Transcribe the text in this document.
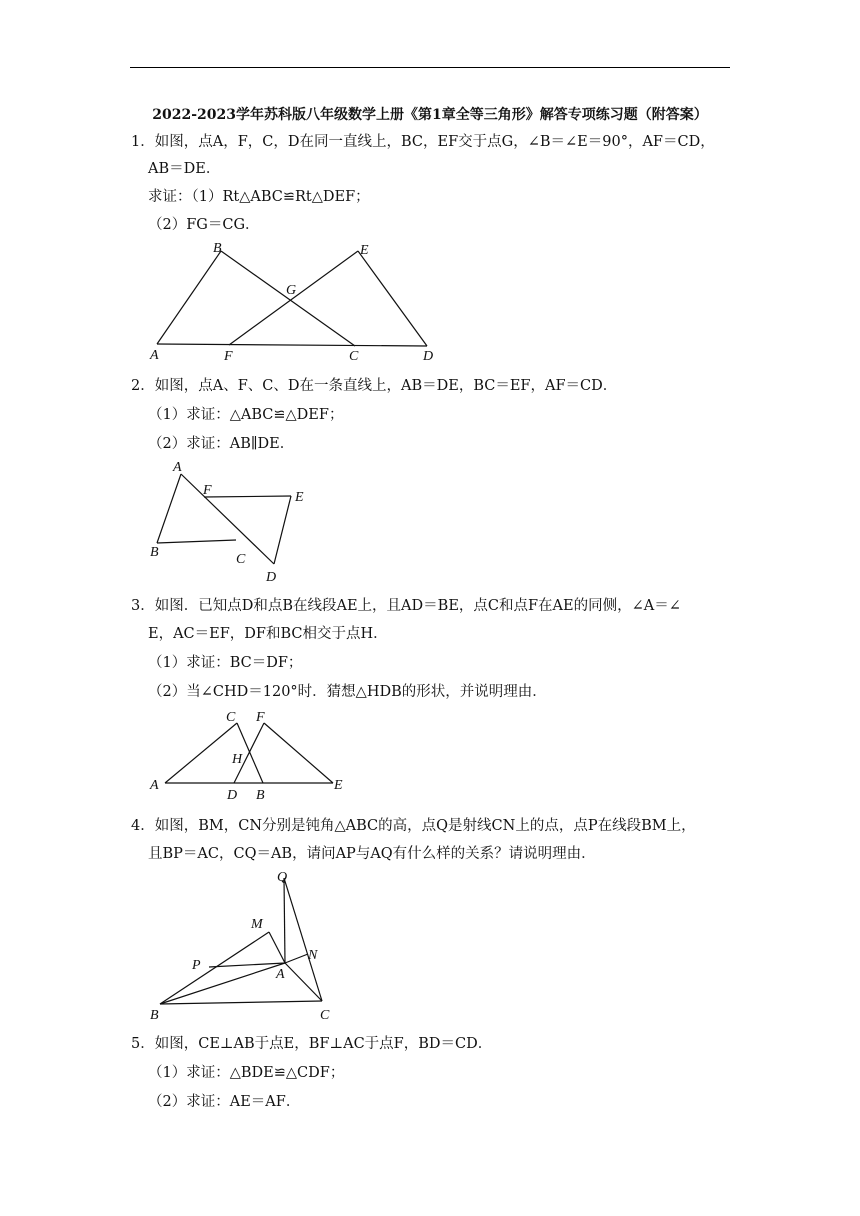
2022-2023学年苏科版八年级数学上册《第1章全等三角形》解答专项练习题（附答案）
1．如图，点A，F，C，D在同一直线上，BC，EF交于点G，∠B＝∠E＝90°，AF＝CD，
AB＝DE．
求证：（1）Rt△ABC≌Rt△DEF；
（2）FG＝CG．
B	E
G
A	F	C	D
2．如图，点A、F、C、D在一条直线上，AB＝DE，BC＝EF，AF＝CD．
（1）求证：△ABC≌△DEF；
（2）求证：AB∥DE．
A
F	E
B	C
D
3．如图．已知点D和点B在线段AE上，且AD＝BE，点C和点F在AE的同侧，∠A＝∠
E，AC＝EF，DF和BC相交于点H．
（1）求证：BC＝DF；
（2）当∠CHD＝120°时．猜想△HDB的形状，并说明理由．
C F
H
A	E
D B
4．如图，BM，CN分别是钝角△ABC的高，点Q是射线CN上的点，点P在线段BM上，
且BP＝AC，CQ＝AB，请问AP与AQ有什么样的关系？请说明理由．
Q
M
N
P
A
B	C
5．如图，CE⊥AB于点E，BF⊥AC于点F，BD＝CD．
（1）求证：△BDE≌△CDF；
（2）求证：AE＝AF．
